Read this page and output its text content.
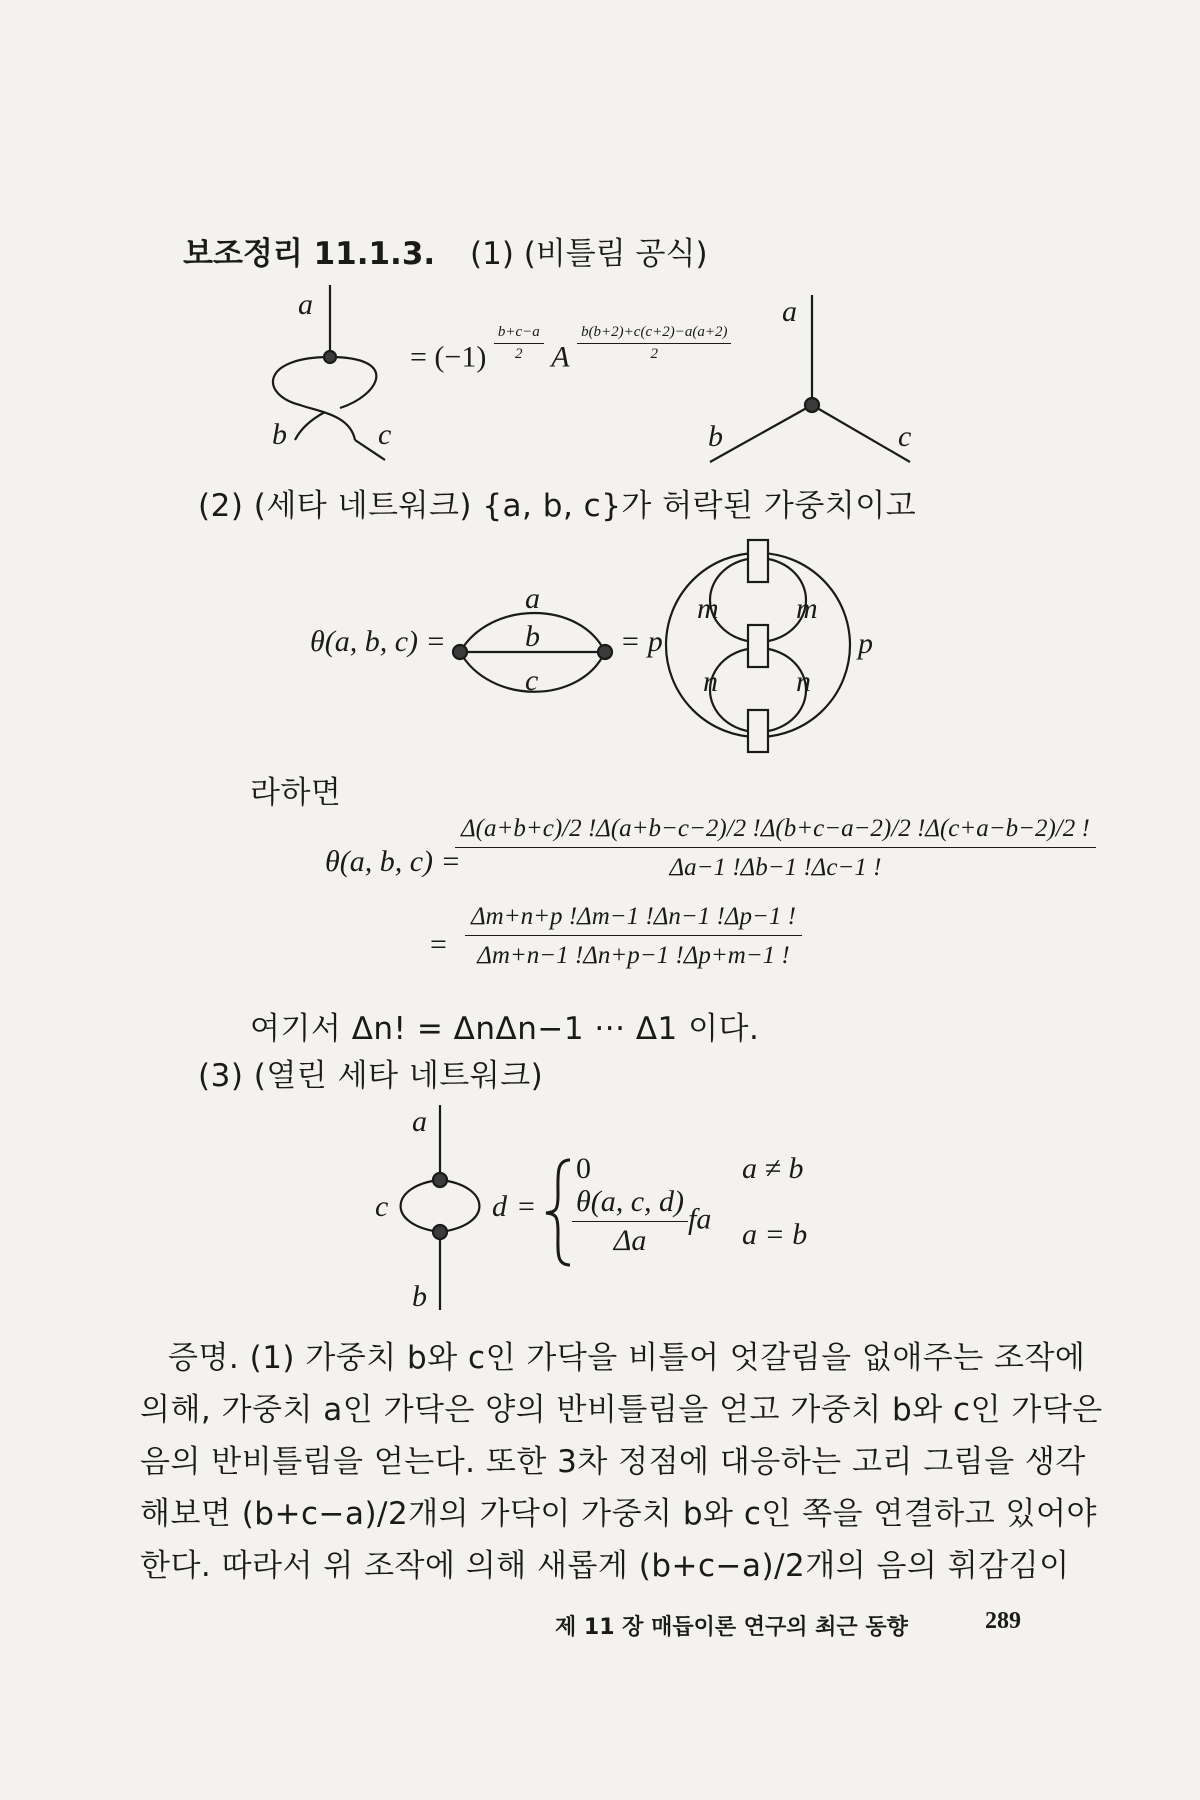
보조정리 11.1.3. (1) (비틀림 공식)
a
b	c
= $(-1) \frac{b+c-a}{2}$ A $\frac{b(b+2)+c(c+2)-a(a+2)}{2}$
a
b	c
(2) (세타 네트워크) {a, b, c}가 허락된 가중치이고
θ(a, b, c) =
a
b
c
= p
m	m
n	n
p
라하면
θ(a, b, c) =
$\frac{\Delta(a+b+c)/2 !\Delta(a+b-c-2)/2 !\Delta(b+c-a-2)/2 !\Delta(c+a-b-2)/2 !}{\Delta a-1 !\Delta b-1 !\Delta c-1 !}$
= $\frac{\Delta m+n+p !\Delta m-1 !\Delta n-1 !\Delta p-1 !}{\Delta m+n-1 !\Delta n+p-1 !\Delta p+m-1 !}$
여기서 Δn! = ΔnΔn−1 ··· Δ1 이다.
(3) (열린 세타 네트워크)
a
c	d
b
=
0	a ≠ b
$\frac{\theta(a, c, d)}{\Delta a}$ fa a = b
증명. (1) 가중치 b와 c인 가닥을 비틀어 엇갈림을 없애주는 조작에
의해, 가중치 a인 가닥은 양의 반비틀림을 얻고 가중치 b와 c인 가닥은
음의 반비틀림을 얻는다. 또한 3차 정점에 대응하는 고리 그림을 생각
해보면 (b+c−a)/2개의 가닥이 가중치 b와 c인 쪽을 연결하고 있어야
한다. 따라서 위 조작에 의해 새롭게 (b+c−a)/2개의 음의 휘감김이
제 11 장 매듭이론 연구의 최근 동향	289
